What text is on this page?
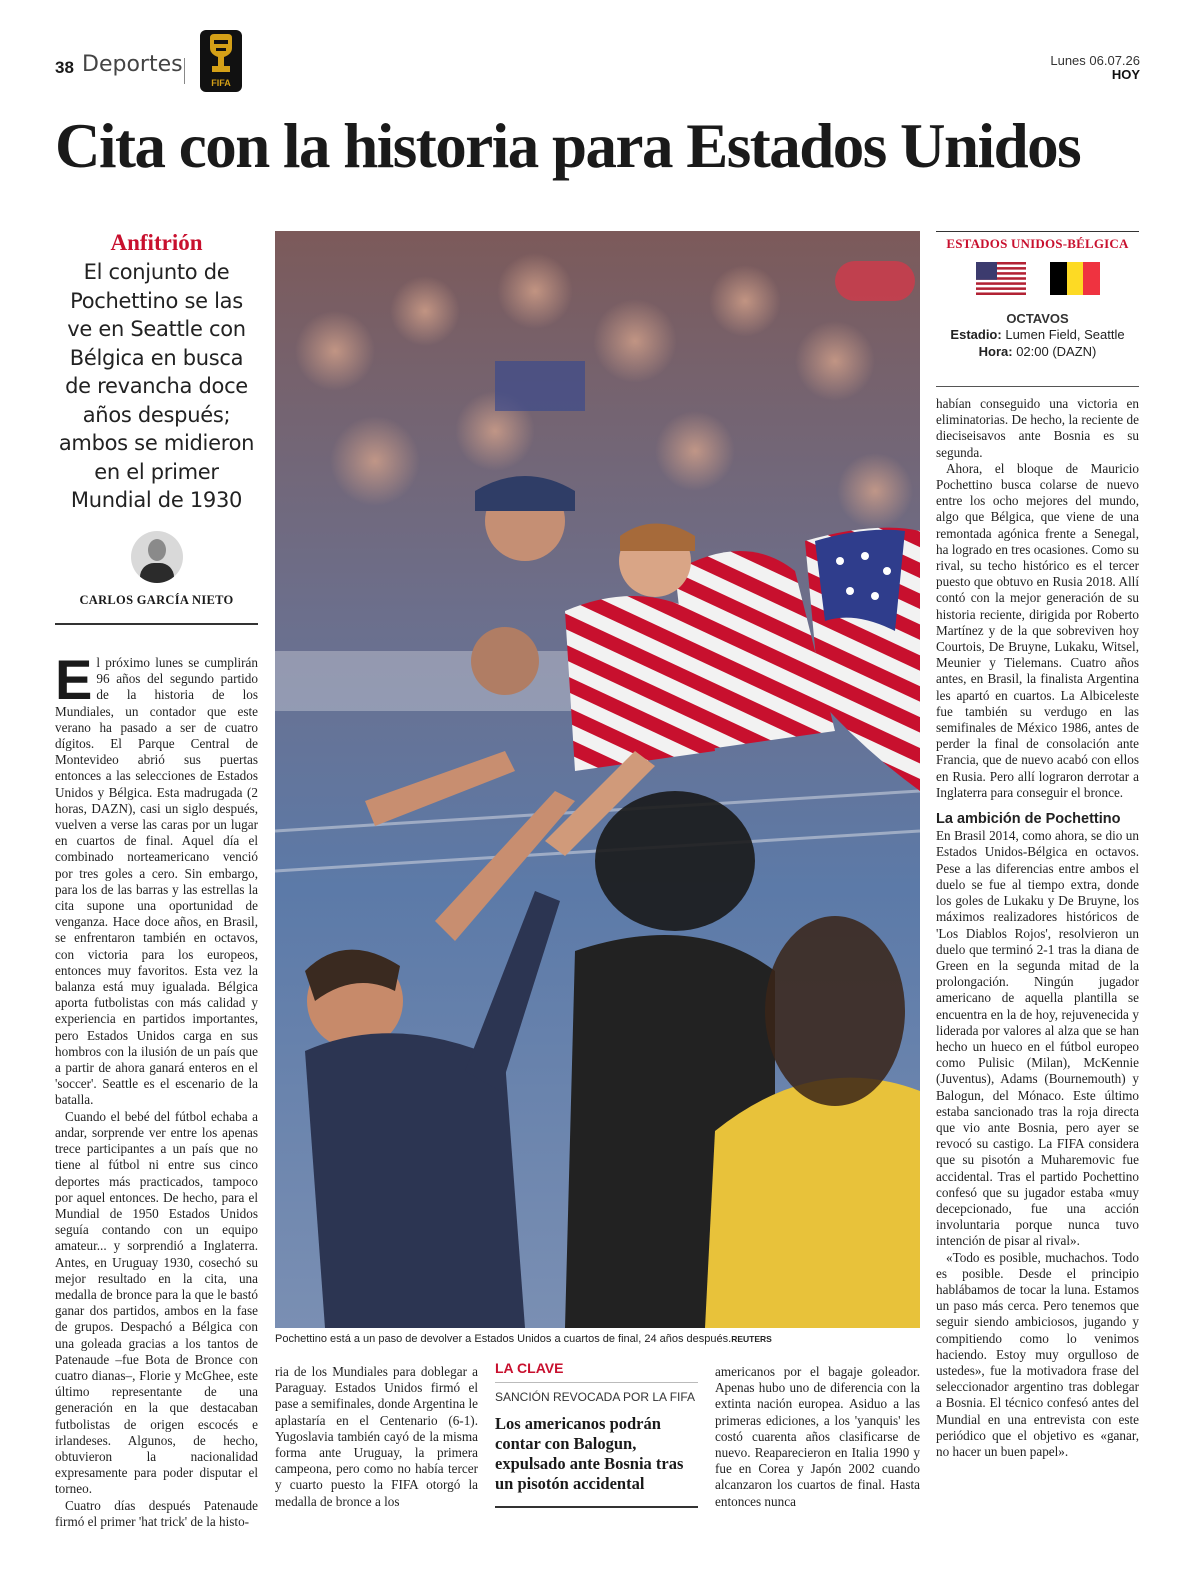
38 Deportes
FIFA
Lunes 06.07.26
HOY
Cita con la historia para Estados Unidos
Anfitrión
El conjunto de Pochettino se las ve en Seattle con Bélgica en busca de revancha doce años después; ambos se midieron en el primer Mundial de 1930
CARLOS GARCÍA NIETO

El próximo lunes se cumplirán 96 años del segundo partido de la historia de los Mundiales, un contador que este verano ha pasado a ser de cuatro dígitos. El Parque Central de Montevideo abrió sus puertas entonces a las selecciones de Estados Unidos y Bélgica. Esta madrugada (2 horas, DAZN), casi un siglo después, vuelven a verse las caras por un lugar en cuartos de final. Aquel día el combinado norteamericano venció por tres goles a cero. Sin embargo, para los de las barras y las estrellas la cita supone una oportunidad de venganza. Hace doce años, en Brasil, se enfrentaron también en octavos, con victoria para los europeos, entonces muy favoritos. Esta vez la balanza está muy igualada. Bélgica aporta futbolistas con más calidad y experiencia en partidos importantes, pero Estados Unidos carga en sus hombros con la ilusión de un país que a partir de ahora ganará enteros en el 'soccer'. Seattle es el escenario de la batalla.

Cuando el bebé del fútbol echaba a andar, sorprende ver entre los apenas trece participantes a un país que no tiene al fútbol ni entre sus cinco deportes más practicados, tampoco por aquel entonces. De hecho, para el Mundial de 1950 Estados Unidos seguía contando con un equipo amateur... y sorprendió a Inglaterra. Antes, en Uruguay 1930, cosechó su mejor resultado en la cita, una medalla de bronce para la que le bastó ganar dos partidos, ambos en la fase de grupos. Despachó a Bélgica con una goleada gracias a los tantos de Patenaude –fue Bota de Bronce con cuatro dianas–, Florie y McGhee, este último representante de una generación en la que destacaban futbolistas de origen escocés e irlandeses. Algunos, de hecho, obtuvieron la nacionalidad expresamente para poder disputar el torneo.

Cuatro días después Patenaude firmó el primer 'hat trick' de la histo-

Pochettino está a un paso de devolver a Estados Unidos a cuartos de final, 24 años después.REUTERS

ria de los Mundiales para doblegar a Paraguay. Estados Unidos firmó el pase a semifinales, donde Argentina le aplastaría en el Centenario (6-1). Yugoslavia también cayó de la misma forma ante Uruguay, la primera campeona, pero como no había tercer y cuarto puesto la FIFA otorgó la medalla de bronce a los

LA CLAVE
SANCIÓN REVOCADA POR LA FIFA
Los americanos podrán contar con Balogun, expulsado ante Bosnia tras un pisotón accidental

americanos por el bagaje goleador. Apenas hubo uno de diferencia con la extinta nación europea. Asiduo a las primeras ediciones, a los 'yanquis' les costó cuarenta años clasificarse de nuevo. Reaparecieron en Italia 1990 y fue en Corea y Japón 2002 cuando alcanzaron los cuartos de final. Hasta entonces nunca

ESTADOS UNIDOS-BÉLGICA
OCTAVOS
Estadio: Lumen Field, Seattle
Hora: 02:00 (DAZN)

habían conseguido una victoria en eliminatorias. De hecho, la reciente de dieciseisavos ante Bosnia es su segunda.

Ahora, el bloque de Mauricio Pochettino busca colarse de nuevo entre los ocho mejores del mundo, algo que Bélgica, que viene de una remontada agónica frente a Senegal, ha logrado en tres ocasiones. Como su rival, su techo histórico es el tercer puesto que obtuvo en Rusia 2018. Allí contó con la mejor generación de su historia reciente, dirigida por Roberto Martínez y de la que sobreviven hoy Courtois, De Bruyne, Lukaku, Witsel, Meunier y Tielemans. Cuatro años antes, en Brasil, la finalista Argentina les apartó en cuartos. La Albiceleste fue también su verdugo en las semifinales de México 1986, antes de perder la final de consolación ante Francia, que de nuevo acabó con ellos en Rusia. Pero allí lograron derrotar a Inglaterra para conseguir el bronce.

La ambición de Pochettino

En Brasil 2014, como ahora, se dio un Estados Unidos-Bélgica en octavos. Pese a las diferencias entre ambos el duelo se fue al tiempo extra, donde los goles de Lukaku y De Bruyne, los máximos realizadores históricos de 'Los Diablos Rojos', resolvieron un duelo que terminó 2-1 tras la diana de Green en la segunda mitad de la prolongación. Ningún jugador americano de aquella plantilla se encuentra en la de hoy, rejuvenecida y liderada por valores al alza que se han hecho un hueco en el fútbol europeo como Pulisic (Milan), McKennie (Juventus), Adams (Bournemouth) y Balogun, del Mónaco. Este último estaba sancionado tras la roja directa que vio ante Bosnia, pero ayer se revocó su castigo. La FIFA considera que su pisotón a Muharemovic fue accidental. Tras el partido Pochettino confesó que su jugador estaba «muy decepcionado, fue una acción involuntaria porque nunca tuvo intención de pisar al rival».

«Todo es posible, muchachos. Todo es posible. Desde el principio hablábamos de tocar la luna. Estamos un paso más cerca. Pero tenemos que seguir siendo ambiciosos, jugando y compitiendo como lo venimos haciendo. Estoy muy orgulloso de ustedes», fue la motivadora frase del seleccionador argentino tras doblegar a Bosnia. El técnico confesó antes del Mundial en una entrevista con este periódico que el objetivo es «ganar, no hacer un buen papel».
